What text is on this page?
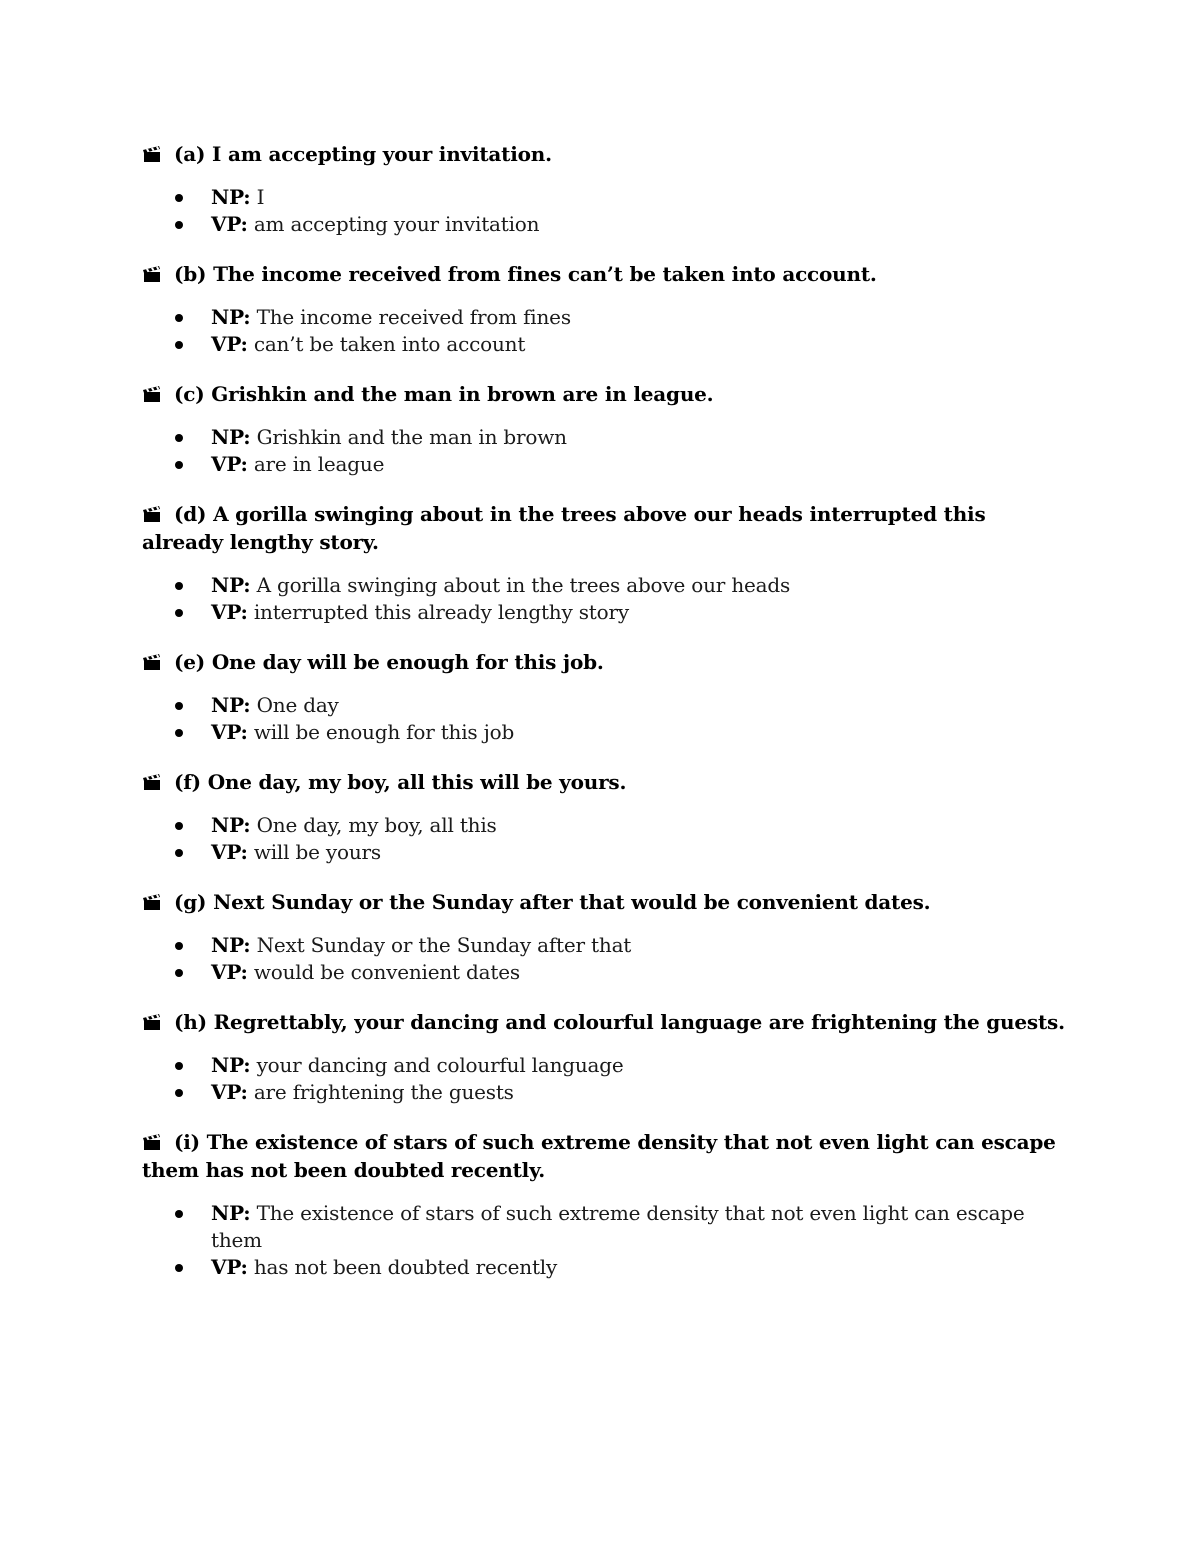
(a) I am accepting your invitation.
NP: I
VP: am accepting your invitation
(b) The income received from fines can’t be taken into account.
NP: The income received from fines
VP: can’t be taken into account
(c) Grishkin and the man in brown are in league.
NP: Grishkin and the man in brown
VP: are in league
(d) A gorilla swinging about in the trees above our heads interrupted this already lengthy story.
NP: A gorilla swinging about in the trees above our heads
VP: interrupted this already lengthy story
(e) One day will be enough for this job.
NP: One day
VP: will be enough for this job
(f) One day, my boy, all this will be yours.
NP: One day, my boy, all this
VP: will be yours
(g) Next Sunday or the Sunday after that would be convenient dates.
NP: Next Sunday or the Sunday after that
VP: would be convenient dates
(h) Regrettably, your dancing and colourful language are frightening the guests.
NP: your dancing and colourful language
VP: are frightening the guests
(i) The existence of stars of such extreme density that not even light can escape them has not been doubted recently.
NP: The existence of stars of such extreme density that not even light can escape them
VP: has not been doubted recently
